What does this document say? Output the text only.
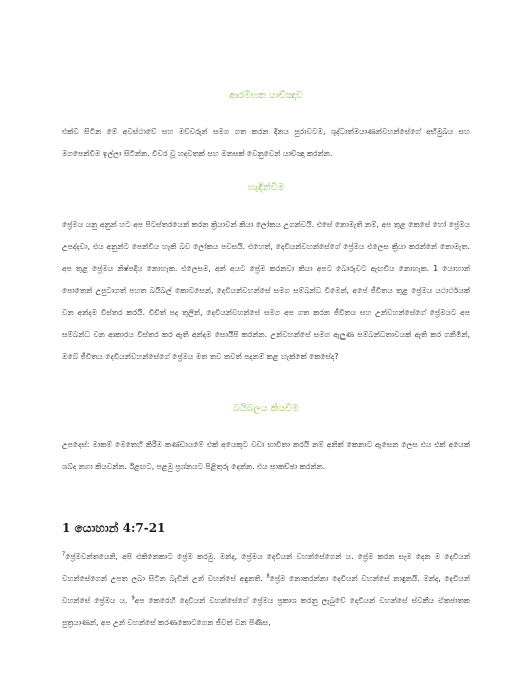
ආරම්භක යාච්ඤාව

එක්ව සිටින මේ අවස්ථාවේ සහ මව්වරුන් සමග ගත කරන දිනය පුරාවටම, ශුද්ධාත්මයාණන්වහන්සේගේ අභිමුඛය සහ මගපෙන්වීම ඉල්ලා සිටින්න. විවර වූ හදවතක් සහ මනසක් වෙනුවෙන් යාච්ඤා කරන්න.

හැඳින්වීම

ප්‍රේමය යනු අනුන් හට අප පිටස්තරයෙන් කරන ක්‍රියාවන් කියා ලෝකය උගන්වයි. එසේ නොමැති නම්, අප තුළ කෙසේ හෝ ප්‍රේමය උපද්දවා, එය අනුන්ට පෙන්විය හැකි බව ලෝකය පවසයි. එහෙත්, දෙවියන්වහන්සේගේ ප්‍රේමය එලෙස ක්‍රියා කරන්නේ නොමැත. අප තුළ ප්‍රේමය නිෂ්පදිය නොහැක. එලෙසම, අන් අයට ප්‍රේම කරනවා කියා අපට බොරුවට ඇඟවිය නොහැක. 1 යොහාන් පොතෙන් උපුටාගත් පහත බයිබල් කොටසෙන්, දෙවියන්වහන්සේ සමග සම්බන්ධ වීමෙන්, අපේ ජීවිතය තුළ ප්‍රේමය යථාර්ථයක් වන අන්දම විස්තර කරයි. විචිත් පද තුලින්, දෙවියන්වහන්සේ සමග අප ගත කරන ජීවිතය සහ උන්වහන්සේගේ ප්‍රේමයට අප සම්බන්ධ වන ආකාරය විස්තර කර ඇති අන්දම සොයීපි කරන්න. උන්වහන්සේ සමග ඇලුණ සම්බන්ධතාවයක් ඇති කර ගනිමින්, ඔබේ ජීවිතය දෙවියන්වහන්සේගේ ප්‍රේමය මත තව තවත් පදනම් කළ හැක්කේ කෙසේද?

බයිබලය කියවීම

උපදෙස්: මාකම් මෙතෙහි කිරීම කණ්ඩායමේ එක් අයෙකුට වඩා භාවිතා කරයි නම් අනික් කෙනාට ඇසෙන ලෙස එය එක් අයෙක් ශබ්ද නගා කියවන්න. ඊළඟට, පළමු ප්‍රශ්නයට පිළිතුරු දෙන්න. එය සාකච්ඡා කරන්න.

1 යොහාන් 4:7-21

$^7$ප්‍රේමවන්තයෙනි, අපි එකිනෙකාට ප්‍රේම කරමු. මන්ද, ප්‍රේමය දෙවියන් වහන්සේගෙන් ය. ප්‍රේම කරන සෑම දෙන ම දෙවියන් වහන්සේගෙන් උපත ලබා සිටින බැවින් උන් වහන්සේ අඳුනති. $^8$ප්‍රේම නොකරන්නා දෙවියන් වහන්සේ නාඳුනයි. මන්ද, දෙවියන් වහන්සේ ප්‍රේමය ය. $^9$අප කෙරෙහි දෙවියන් වහන්සේගේ ප්‍රේමය ප්‍රකාශ කරනු ලැබුවේ දෙවියන් වහන්සේ ස්වකීය ඒකජාතක පුත්‍රයාණන්, අප උන් වහන්සේ කරණකොටගෙන ජීවත් වන පිණිස,
